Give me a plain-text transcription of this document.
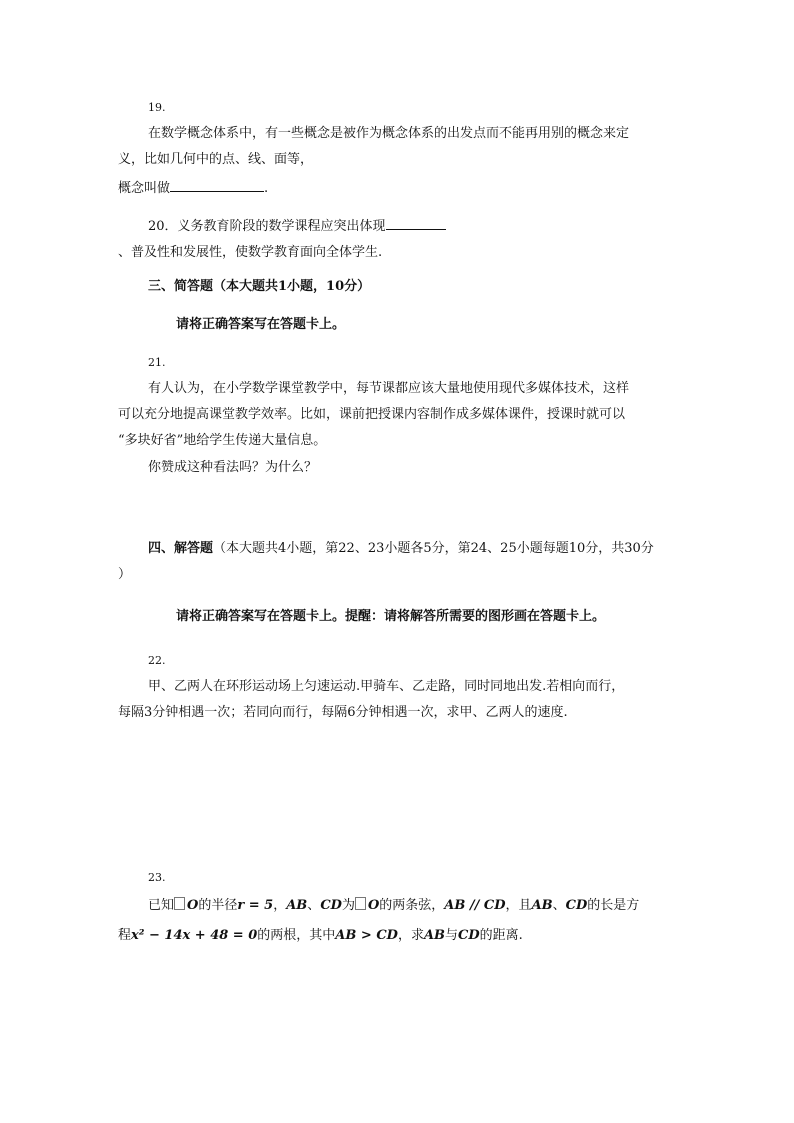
19.
在数学概念体系中，有一些概念是被作为概念体系的出发点而不能再用别的概念来定
义，比如几何中的点、线、面等，
概念叫做	.
20．义务教育阶段的数学课程应突出体现
、普及性和发展性，使数学教育面向全体学生.
三、简答题（本大题共1小题，10分）
请将正确答案写在答题卡上。
21.
有人认为，在小学数学课堂教学中，每节课都应该大量地使用现代多媒体技术，这样
可以充分地提高课堂教学效率。比如，课前把授课内容制作成多媒体课件，授课时就可以
“多块好省”地给学生传递大量信息。
你赞成这种看法吗？为什么？
四、解答题（本大题共4小题，第22、23小题各5分，第24、25小题每题10分，共30分
）
请将正确答案写在答题卡上。提醒：请将解答所需要的图形画在答题卡上。
22.
甲、乙两人在环形运动场上匀速运动.甲骑车、乙走路，同时同地出发.若相向而行，
每隔3分钟相遇一次；若同向而行，每隔6分钟相遇一次，求甲、乙两人的速度.
23.
已知 O的半径r = 5，AB、CD为 O的两条弦，AB // CD，且AB、CD的长是方
程x² − 14x + 48 = 0的两根，其中AB > CD，求AB与CD的距离.
